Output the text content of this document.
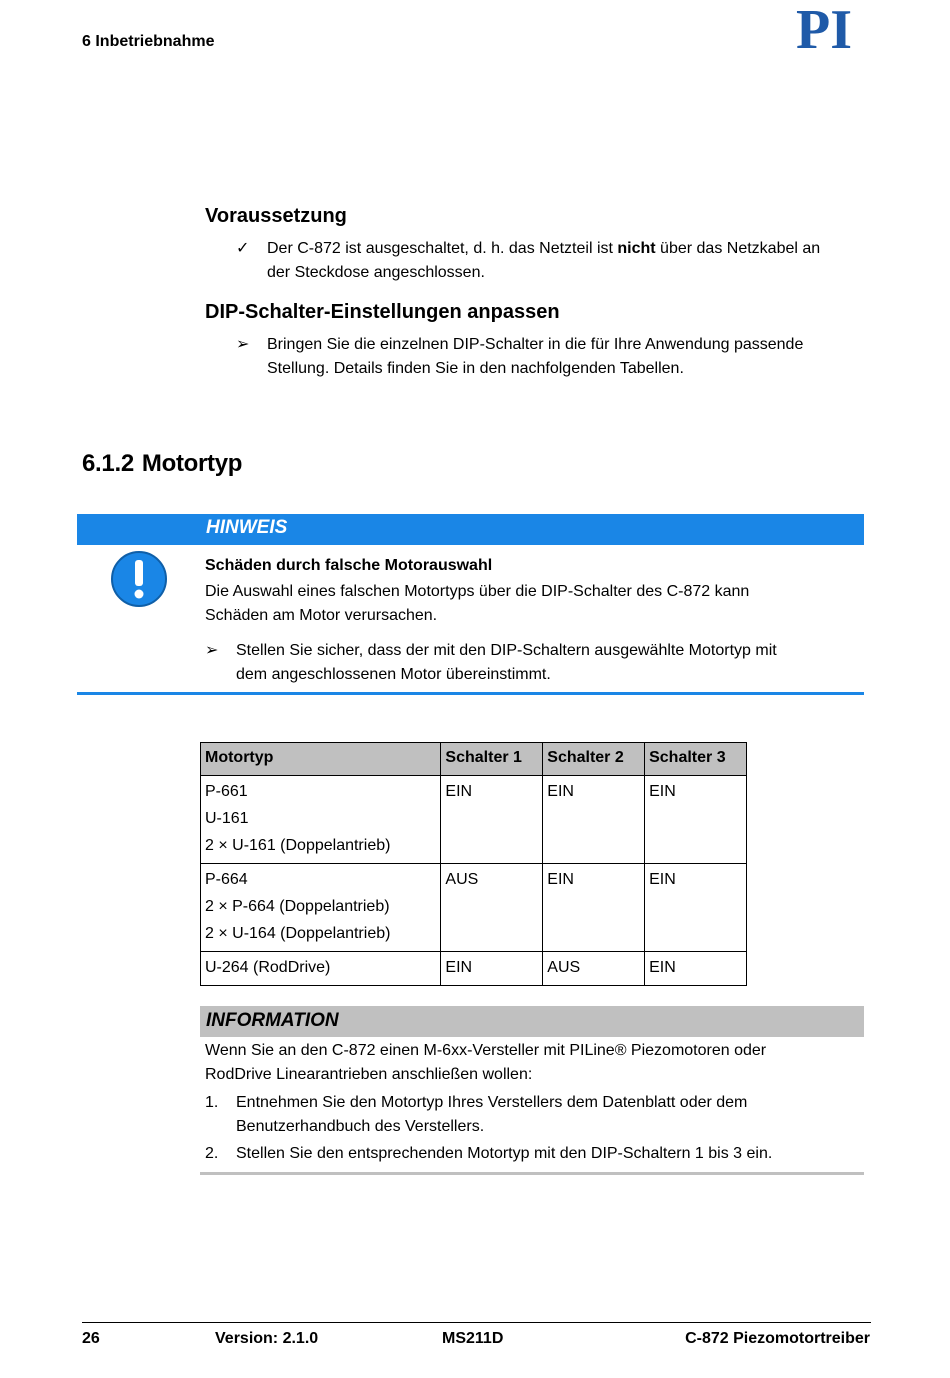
6 Inbetriebnahme	PI
Voraussetzung
✓ Der C-872 ist ausgeschaltet, d. h. das Netzteil ist nicht über das Netzkabel an
der Steckdose angeschlossen.
DIP-Schalter-Einstellungen anpassen
➢ Bringen Sie die einzelnen DIP-Schalter in die für Ihre Anwendung passende
Stellung. Details finden Sie in den nachfolgenden Tabellen.
6.1.2 Motortyp
HINWEIS
Schäden durch falsche Motorauswahl
Die Auswahl eines falschen Motortyps über die DIP-Schalter des C-872 kann
Schäden am Motor verursachen.
➢ Stellen Sie sicher, dass der mit den DIP-Schaltern ausgewählte Motortyp mit
dem angeschlossenen Motor übereinstimmt.
Motortyp	Schalter 1	Schalter 2	Schalter 3

P-661
U-161
2 × U-161 (Doppelantrieb)	EIN	EIN	EIN

P-664
2 × P-664 (Doppelantrieb)
2 × U-164 (Doppelantrieb)	AUS	EIN	EIN

U-264 (RodDrive)	EIN	AUS	EIN
INFORMATION
Wenn Sie an den C-872 einen M-6xx-Versteller mit PILine® Piezomotoren oder
RodDrive Linearantrieben anschließen wollen:
1. Entnehmen Sie den Motortyp Ihres Verstellers dem Datenblatt oder dem
Benutzerhandbuch des Verstellers.
2. Stellen Sie den entsprechenden Motortyp mit den DIP-Schaltern 1 bis 3 ein.
26	Version: 2.1.0	MS211D	C-872 Piezomotortreiber
